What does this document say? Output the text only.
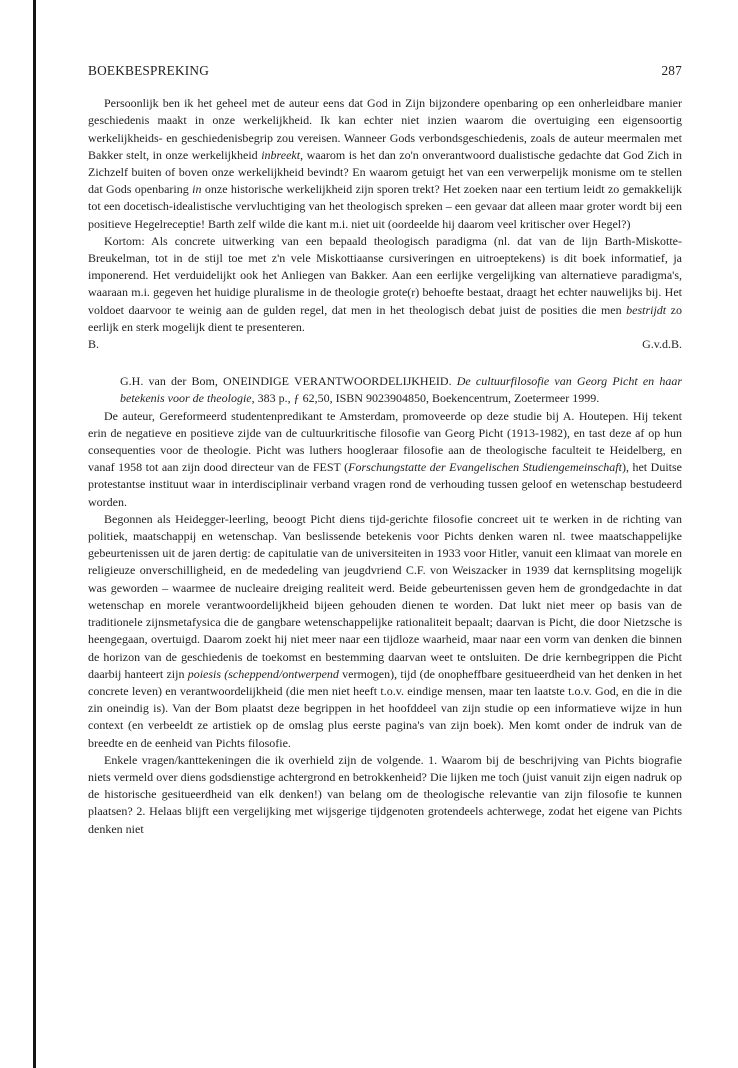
BOEKBESPREKING	287

Persoonlijk ben ik het geheel met de auteur eens dat God in Zijn bijzondere openbaring op een onherleidbare manier geschiedenis maakt in onze werkelijkheid. Ik kan echter niet inzien waarom die overtuiging een eigensoortig werkelijkheids- en geschiedenisbegrip zou vereisen. Wanneer Gods verbondsgeschiedenis, zoals de auteur meermalen met Bakker stelt, in onze werkelijkheid inbreekt, waarom is het dan zo'n onverantwoord dualistische gedachte dat God Zich in Zichzelf buiten of boven onze werkelijkheid bevindt? En waarom getuigt het van een verwerpelijk monisme om te stellen dat Gods openbaring in onze historische werkelijkheid zijn sporen trekt? Het zoeken naar een tertium leidt zo gemakkelijk tot een docetisch-idealistische vervluchtiging van het theologisch spreken – een gevaar dat alleen maar groter wordt bij een positieve Hegelreceptie! Barth zelf wilde die kant m.i. niet uit (oordeelde hij daarom veel kritischer over Hegel?)

Kortom: Als concrete uitwerking van een bepaald theologisch paradigma (nl. dat van de lijn Barth-Miskotte-Breukelman, tot in de stijl toe met z'n vele Miskottiaanse cursiveringen en uitroeptekens) is dit boek informatief, ja imponerend. Het verduidelijkt ook het Anliegen van Bakker. Aan een eerlijke vergelijking van alternatieve paradigma's, waaraan m.i. gegeven het huidige pluralisme in de theologie grote(r) behoefte bestaat, draagt het echter nauwelijks bij. Het voldoet daarvoor te weinig aan de gulden regel, dat men in het theologisch debat juist de posities die men bestrijdt zo eerlijk en sterk mogelijk dient te presenteren.

B.	G.v.d.B.

G.H. van der Bom, ONEINDIGE VERANTWOORDELIJKHEID. De cultuurfilosofie van Georg Picht en haar betekenis voor de theologie, 383 p., ƒ 62,50, ISBN 9023904850, Boekencentrum, Zoetermeer 1999.

De auteur, Gereformeerd studentenpredikant te Amsterdam, promoveerde op deze studie bij A. Houtepen. Hij tekent erin de negatieve en positieve zijde van de cultuurkritische filosofie van Georg Picht (1913-1982), en tast deze af op hun consequenties voor de theologie. Picht was luthers hoogleraar filosofie aan de theologische faculteit te Heidelberg, en vanaf 1958 tot aan zijn dood directeur van de FEST (Forschungstatte der Evangelischen Studiengemeinschaft), het Duitse protestantse instituut waar in interdisciplinair verband vragen rond de verhouding tussen geloof en wetenschap bestudeerd worden.

Begonnen als Heidegger-leerling, beoogt Picht diens tijd-gerichte filosofie concreet uit te werken in de richting van politiek, maatschappij en wetenschap. Van beslissende betekenis voor Pichts denken waren nl. twee maatschappelijke gebeurtenissen uit de jaren dertig: de capitulatie van de universiteiten in 1933 voor Hitler, vanuit een klimaat van morele en religieuze onverschilligheid, en de mededeling van jeugdvriend C.F. von Weiszacker in 1939 dat kernsplitsing mogelijk was geworden – waarmee de nucleaire dreiging realiteit werd. Beide gebeurtenissen geven hem de grondgedachte in dat wetenschap en morele verantwoordelijkheid bijeen gehouden dienen te worden. Dat lukt niet meer op basis van de traditionele zijnsmetafysica die de gangbare wetenschappelijke rationaliteit bepaalt; daarvan is Picht, die door Nietzsche is heengegaan, overtuigd. Daarom zoekt hij niet meer naar een tijdloze waarheid, maar naar een vorm van denken die binnen de horizon van de geschiedenis de toekomst en bestemming daarvan weet te ontsluiten. De drie kernbegrippen die Picht daarbij hanteert zijn poiesis (scheppend/ontwerpend vermogen), tijd (de onopheffbare gesitueerdheid van het denken in het concrete leven) en verantwoordelijkheid (die men niet heeft t.o.v. eindige mensen, maar ten laatste t.o.v. God, en die in die zin oneindig is). Van der Bom plaatst deze begrippen in het hoofddeel van zijn studie op een informatieve wijze in hun context (en verbeeldt ze artistiek op de omslag plus eerste pagina's van zijn boek). Men komt onder de indruk van de breedte en de eenheid van Pichts filosofie.

Enkele vragen/kanttekeningen die ik overhield zijn de volgende. 1. Waarom bij de beschrijving van Pichts biografie niets vermeld over diens godsdienstige achtergrond en betrokkenheid? Die lijken me toch (juist vanuit zijn eigen nadruk op de historische gesitueerdheid van elk denken!) van belang om de theologische relevantie van zijn filosofie te kunnen plaatsen? 2. Helaas blijft een vergelijking met wijsgerige tijdgenoten grotendeels achterwege, zodat het eigene van Pichts denken niet
